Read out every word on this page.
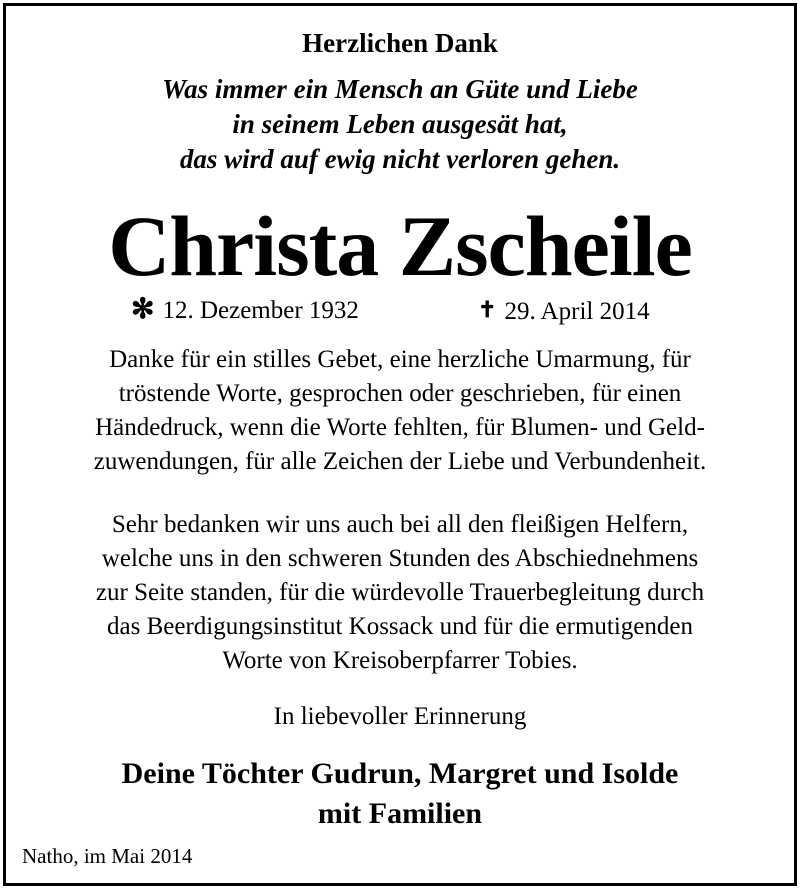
Herzlichen Dank
Was immer ein Mensch an Güte und Liebe
in seinem Leben ausgesät hat,
das wird auf ewig nicht verloren gehen.
Christa Zscheile
✻ 12. Dezember 1932	✝ 29. April 2014
Danke für ein stilles Gebet, eine herzliche Umarmung, für
tröstende Worte, gesprochen oder geschrieben, für einen
Händedruck, wenn die Worte fehlten, für Blumen- und Geld-
zuwendungen, für alle Zeichen der Liebe und Verbundenheit.
Sehr bedanken wir uns auch bei all den fleißigen Helfern,
welche uns in den schweren Stunden des Abschiednehmens
zur Seite standen, für die würdevolle Trauerbegleitung durch
das Beerdigungsinstitut Kossack und für die ermutigenden
Worte von Kreisoberpfarrer Tobies.
In liebevoller Erinnerung
Deine Töchter Gudrun, Margret und Isolde
mit Familien
Natho, im Mai 2014
